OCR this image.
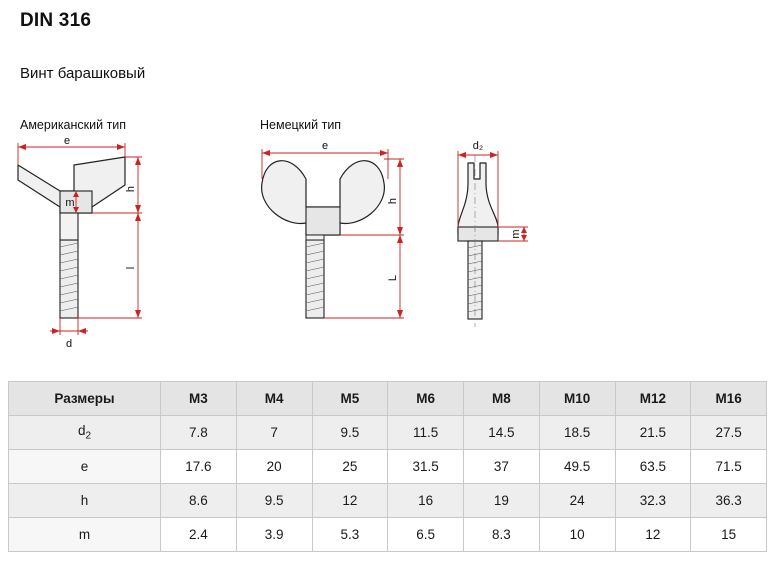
DIN 316
Винт барашковый
Американский тип	Немецкий тип
e
h
m
l
d
e
h
L
d₂
m
Размеры	M3	M4	M5	M6	M8	M10	M12	M16
$d_2$	7.8	7	9.5	11.5	14.5	18.5	21.5	27.5
e	17.6	20	25	31.5	37	49.5	63.5	71.5
h	8.6	9.5	12	16	19	24	32.3	36.3
m	2.4	3.9	5.3	6.5	8.3	10	12	15
